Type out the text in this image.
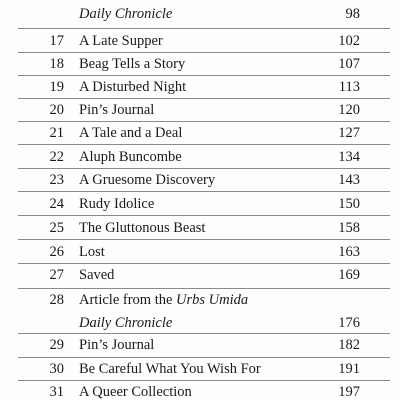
Daily Chronicle	98
17 A Late Supper	102
18 Beag Tells a Story	107
19 A Disturbed Night	113
20 Pin’s Journal	120
21 A Tale and a Deal	127
22 Aluph Buncombe	134
23 A Gruesome Discovery	143
24 Rudy Idolice	150
25 The Gluttonous Beast	158
26 Lost	163
27 Saved	169
28 Article from the Urbs Umida
Daily Chronicle	176
29 Pin’s Journal	182
30 Be Careful What You Wish For	191
31 A Queer Collection	197
